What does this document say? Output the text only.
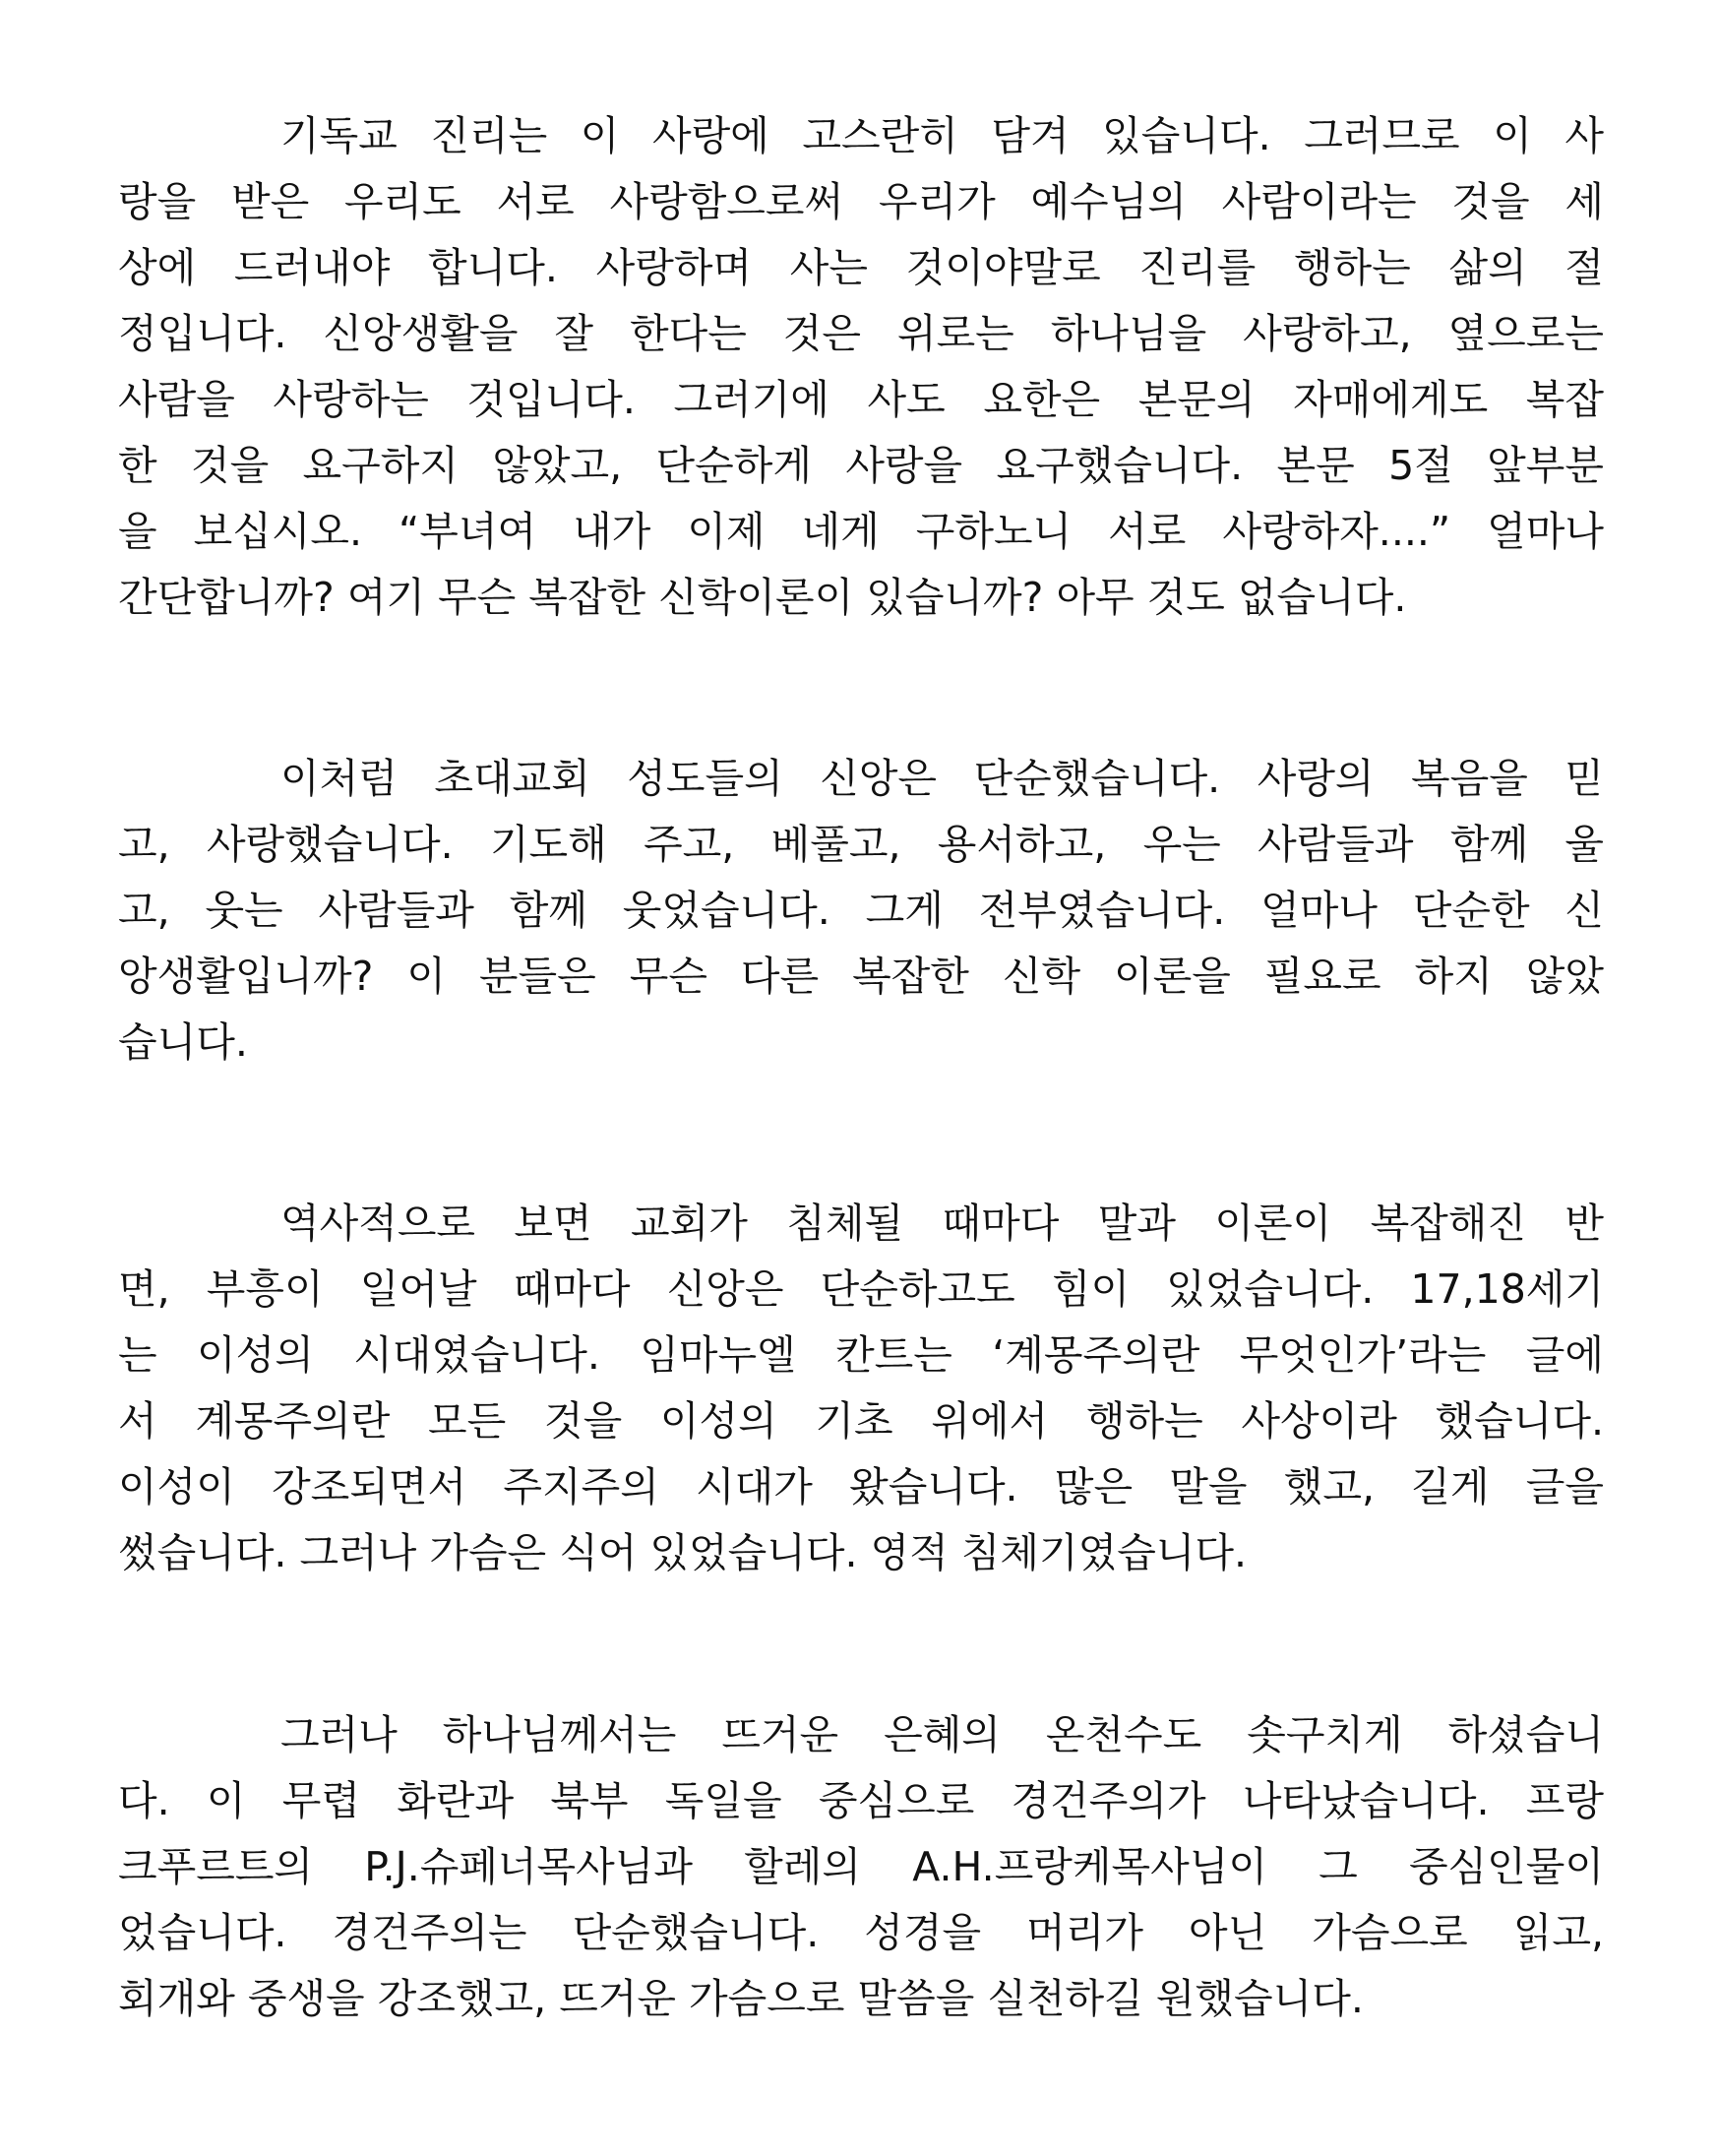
기독교 진리는 이 사랑에 고스란히 담겨 있습니다. 그러므로 이 사
랑을 받은 우리도 서로 사랑함으로써 우리가 예수님의 사람이라는 것을 세
상에 드러내야 합니다. 사랑하며 사는 것이야말로 진리를 행하는 삶의 절
정입니다. 신앙생활을 잘 한다는 것은 위로는 하나님을 사랑하고, 옆으로는
사람을 사랑하는 것입니다. 그러기에 사도 요한은 본문의 자매에게도 복잡
한 것을 요구하지 않았고, 단순하게 사랑을 요구했습니다. 본문 5절 앞부분
을 보십시오. “부녀여 내가 이제 네게 구하노니 서로 사랑하자....” 얼마나
간단합니까? 여기 무슨 복잡한 신학이론이 있습니까? 아무 것도 없습니다.
이처럼 초대교회 성도들의 신앙은 단순했습니다. 사랑의 복음을 믿
고, 사랑했습니다. 기도해 주고, 베풀고, 용서하고, 우는 사람들과 함께 울
고, 웃는 사람들과 함께 웃었습니다. 그게 전부였습니다. 얼마나 단순한 신
앙생활입니까? 이 분들은 무슨 다른 복잡한 신학 이론을 필요로 하지 않았
습니다.
역사적으로 보면 교회가 침체될 때마다 말과 이론이 복잡해진 반
면, 부흥이 일어날 때마다 신앙은 단순하고도 힘이 있었습니다. 17,18세기
는 이성의 시대였습니다. 임마누엘 칸트는 ‘계몽주의란 무엇인가’라는 글에
서 계몽주의란 모든 것을 이성의 기초 위에서 행하는 사상이라 했습니다.
이성이 강조되면서 주지주의 시대가 왔습니다. 많은 말을 했고, 길게 글을
썼습니다. 그러나 가슴은 식어 있었습니다. 영적 침체기였습니다.
그러나 하나님께서는 뜨거운 은혜의 온천수도 솟구치게 하셨습니
다. 이 무렵 화란과 북부 독일을 중심으로 경건주의가 나타났습니다. 프랑
크푸르트의 P.J.슈페너목사님과 할레의 A.H.프랑케목사님이 그 중심인물이
었습니다. 경건주의는 단순했습니다. 성경을 머리가 아닌 가슴으로 읽고,
회개와 중생을 강조했고, 뜨거운 가슴으로 말씀을 실천하길 원했습니다.
